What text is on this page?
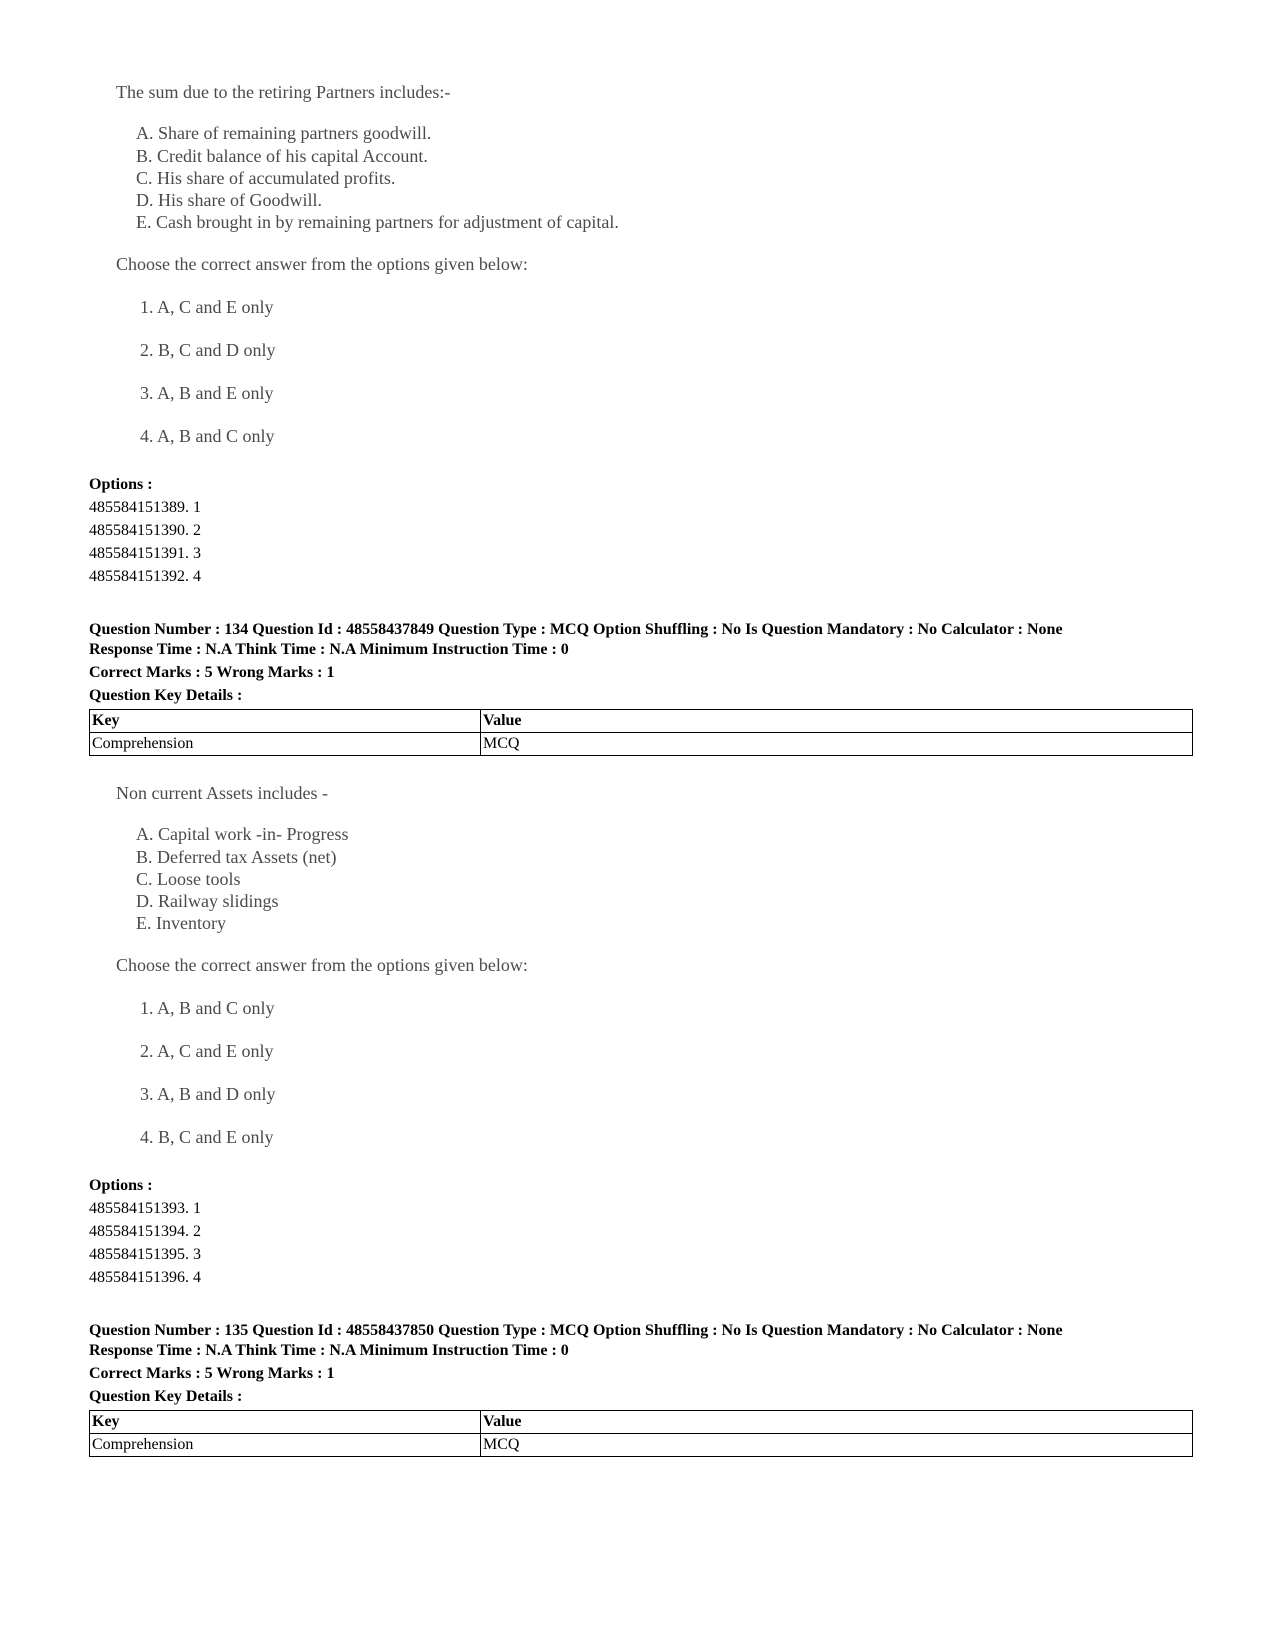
The sum due to the retiring Partners includes:-
A. Share of remaining partners goodwill.
B. Credit balance of his capital Account.
C. His share of accumulated profits.
D. His share of Goodwill.
E. Cash brought in by remaining partners for adjustment of capital.
Choose the correct answer from the options given below:
1. A, C and E only
2. B, C and D only
3. A, B and E only
4. A, B and C only
Options :
485584151389. 1
485584151390. 2
485584151391. 3
485584151392. 4
Question Number : 134 Question Id : 48558437849 Question Type : MCQ Option Shuffling : No Is Question Mandatory : No Calculator : None
Response Time : N.A Think Time : N.A Minimum Instruction Time : 0
Correct Marks : 5 Wrong Marks : 1
Question Key Details :
Key	Value
Comprehension	MCQ
Non current Assets includes -
A. Capital work -in- Progress
B. Deferred tax Assets (net)
C. Loose tools
D. Railway slidings
E. Inventory
Choose the correct answer from the options given below:
1. A, B and C only
2. A, C and E only
3. A, B and D only
4. B, C and E only
Options :
485584151393. 1
485584151394. 2
485584151395. 3
485584151396. 4
Question Number : 135 Question Id : 48558437850 Question Type : MCQ Option Shuffling : No Is Question Mandatory : No Calculator : None
Response Time : N.A Think Time : N.A Minimum Instruction Time : 0
Correct Marks : 5 Wrong Marks : 1
Question Key Details :
Key	Value
Comprehension	MCQ
